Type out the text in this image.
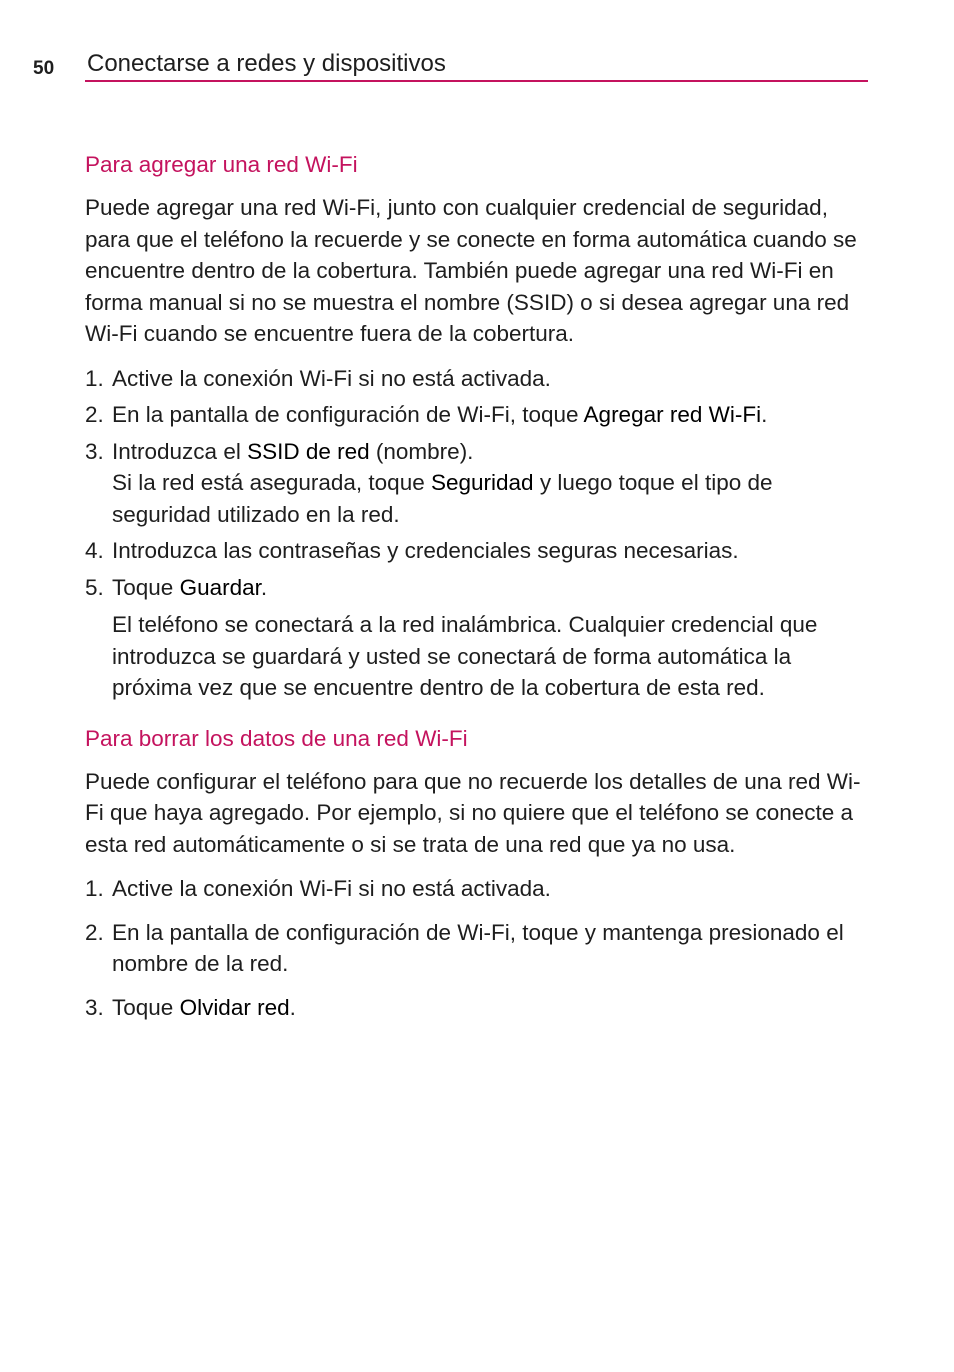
50 Conectarse a redes y dispositivos
Para agregar una red Wi-Fi

Puede agregar una red Wi-Fi, junto con cualquier credencial de seguridad, para que el teléfono la recuerde y se conecte en forma automática cuando se encuentre dentro de la cobertura. También puede agregar una red Wi-Fi en forma manual si no se muestra el nombre (SSID) o si desea agregar una red Wi-Fi cuando se encuentre fuera de la cobertura.

1. Active la conexión Wi-Fi si no está activada.
2. En la pantalla de configuración de Wi-Fi, toque Agregar red Wi-Fi.
3. Introduzca el SSID de red (nombre).
Si la red está asegurada, toque Seguridad y luego toque el tipo de seguridad utilizado en la red.
4. Introduzca las contraseñas y credenciales seguras necesarias.
5. Toque Guardar.

El teléfono se conectará a la red inalámbrica. Cualquier credencial que introduzca se guardará y usted se conectará de forma automática la próxima vez que se encuentre dentro de la cobertura de esta red.

Para borrar los datos de una red Wi-Fi

Puede configurar el teléfono para que no recuerde los detalles de una red Wi-Fi que haya agregado. Por ejemplo, si no quiere que el teléfono se conecte a esta red automáticamente o si se trata de una red que ya no usa.

1. Active la conexión Wi-Fi si no está activada.
2. En la pantalla de configuración de Wi-Fi, toque y mantenga presionado el nombre de la red.
3. Toque Olvidar red.
